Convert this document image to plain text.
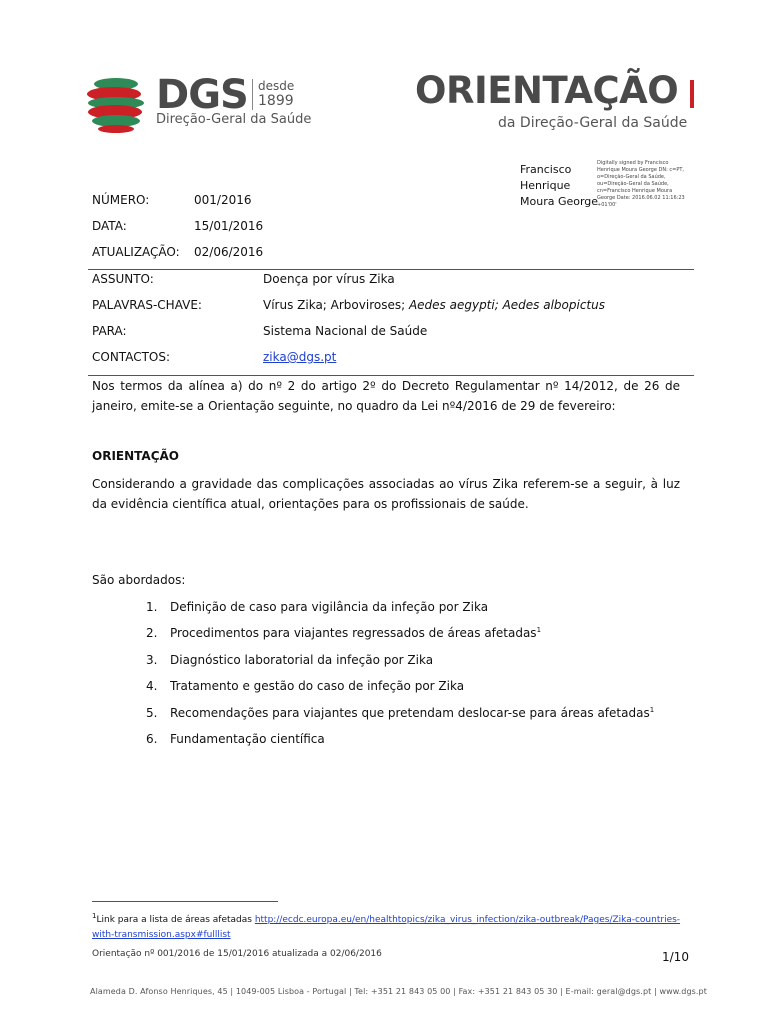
DGS desde
1899
Direção-Geral da Saúde
ORIENTAÇÃO
da Direção-Geral da Saúde
Francisco
Henrique
Moura George
Digitally signed by Francisco Henrique Moura George DN: c=PT, o=Direção-Geral da Saúde, ou=Direção-Geral da Saúde, cn=Francisco Henrique Moura George Date: 2016.06.02 11:16:23 +01'00'
NÚMERO:	001/2016
DATA:	15/01/2016
ATUALIZAÇÃO: 02/06/2016
ASSUNTO:	Doença por vírus Zika
PALAVRAS-CHAVE:	Vírus Zika; Arboviroses; Aedes aegypti; Aedes albopictus
PARA:	Sistema Nacional de Saúde
CONTACTOS:	zika@dgs.pt

Nos termos da alínea a) do nº 2 do artigo 2º do Decreto Regulamentar nº 14/2012, de 26 de janeiro, emite-se a Orientação seguinte, no quadro da Lei nº4/2016 de 29 de fevereiro:

ORIENTAÇÃO

Considerando a gravidade das complicações associadas ao vírus Zika referem-se a seguir, à luz da evidência científica atual, orientações para os profissionais de saúde.

São abordados:
1. Definição de caso para vigilância da infeção por Zika
2. Procedimentos para viajantes regressados de áreas afetadas$^1$
3. Diagnóstico laboratorial da infeção por Zika
4. Tratamento e gestão do caso de infeção por Zika
5. Recomendações para viajantes que pretendam deslocar-se para áreas afetadas$^1$
6. Fundamentação científica
$^1$Link para a lista de áreas afetadas http://ecdc.europa.eu/en/healthtopics/zika_virus_infection/zika-outbreak/Pages/Zika-countries-with-transmission.aspx#fulllist
Orientação nº 001/2016 de 15/01/2016 atualizada a 02/06/2016	1/10
Alameda D. Afonso Henriques, 45 | 1049-005 Lisboa - Portugal | Tel: +351 21 843 05 00 | Fax: +351 21 843 05 30 | E-mail: geral@dgs.pt | www.dgs.pt
